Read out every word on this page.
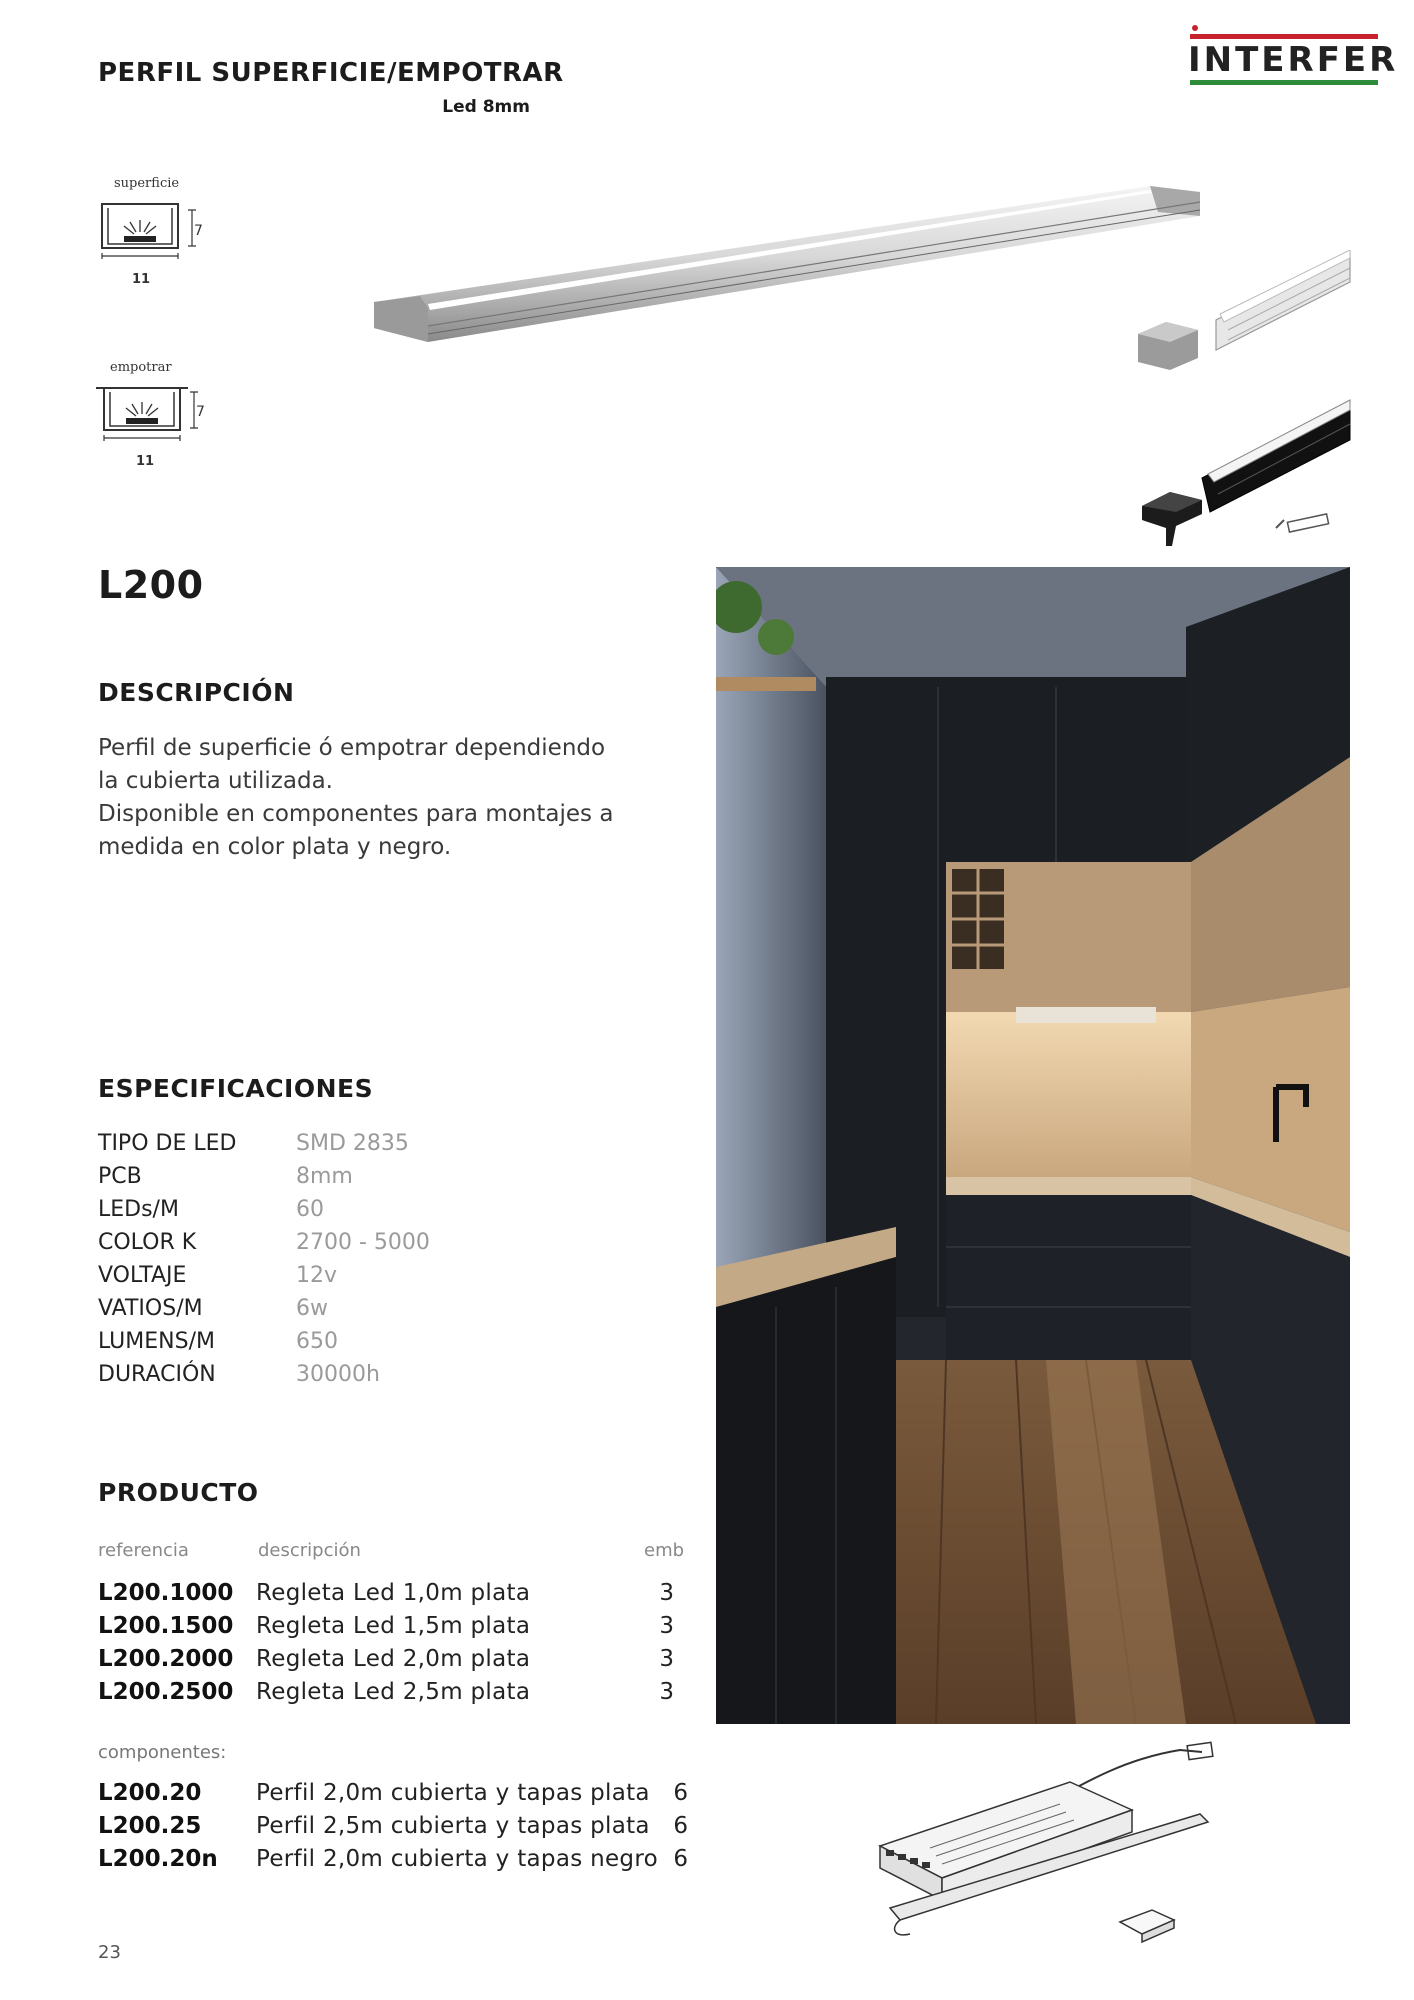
PERFIL SUPERFICIE/EMPOTRAR
Led 8mm
INTERFER
superficie
7
11
empotrar
7
11
L200
DESCRIPCIÓN
Perfil de superficie ó empotrar dependiendo
la cubierta utilizada.
Disponible en componentes para montajes a
medida en color plata y negro.
ESPECIFICACIONES
TIPO DE LED	SMD 2835
PCB	8mm
LEDs/M	60
COLOR K	2700 - 5000
VOLTAJE	12v
VATIOS/M	6w
LUMENS/M	650
DURACIÓN	30000h
PRODUCTO
referencia	descripción	emb
L200.1000 Regleta Led 1,0m plata	3
L200.1500 Regleta Led 1,5m plata	3
L200.2000 Regleta Led 2,0m plata	3
L200.2500 Regleta Led 2,5m plata	3
componentes:
L200.20 Perfil 2,0m cubierta y tapas plata 6
L200.25 Perfil 2,5m cubierta y tapas plata 6
L200.20n Perfil 2,0m cubierta y tapas negro 6
23
